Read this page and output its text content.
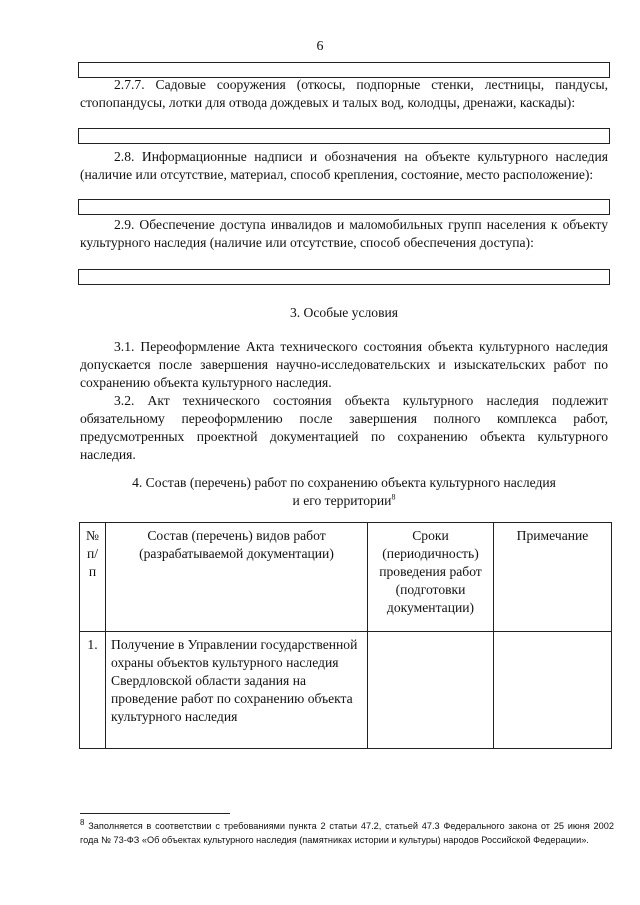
6
2.7.7. Садовые сооружения (откосы, подпорные стенки, лестницы, пандусы, стопопандусы, лотки для отвода дождевых и талых вод, колодцы, дренажи, каскады):
2.8. Информационные надписи и обозначения на объекте культурного наследия (наличие или отсутствие, материал, способ крепления, состояние, место расположение):
2.9. Обеспечение доступа инвалидов и маломобильных групп населения к объекту культурного наследия (наличие или отсутствие, способ обеспечения доступа):
3. Особые условия
3.1. Переоформление Акта технического состояния объекта культурного наследия допускается после завершения научно-исследовательских и изыскательских работ по сохранению объекта культурного наследия.
3.2. Акт технического состояния объекта культурного наследия подлежит обязательному переоформлению после завершения полного комплекса работ, предусмотренных проектной документацией по сохранению объекта культурного наследия.
4. Состав (перечень) работ по сохранению объекта культурного наследия
и его территории$^8$
№ п/п	Состав (перечень) видов работ (разрабатываемой документации)	Сроки (периодичность) проведения работ (подготовки документации)	Примечание
1.	Получение в Управлении государственной охраны объектов культурного наследия Свердловской области задания на проведение работ по сохранению объекта культурного наследия		
$^8$ Заполняется в соответствии с требованиями пункта 2 статьи 47.2, статьей 47.3 Федерального закона от 25 июня 2002 года № 73-ФЗ «Об объектах культурного наследия (памятниках истории и культуры) народов Российской Федерации».
